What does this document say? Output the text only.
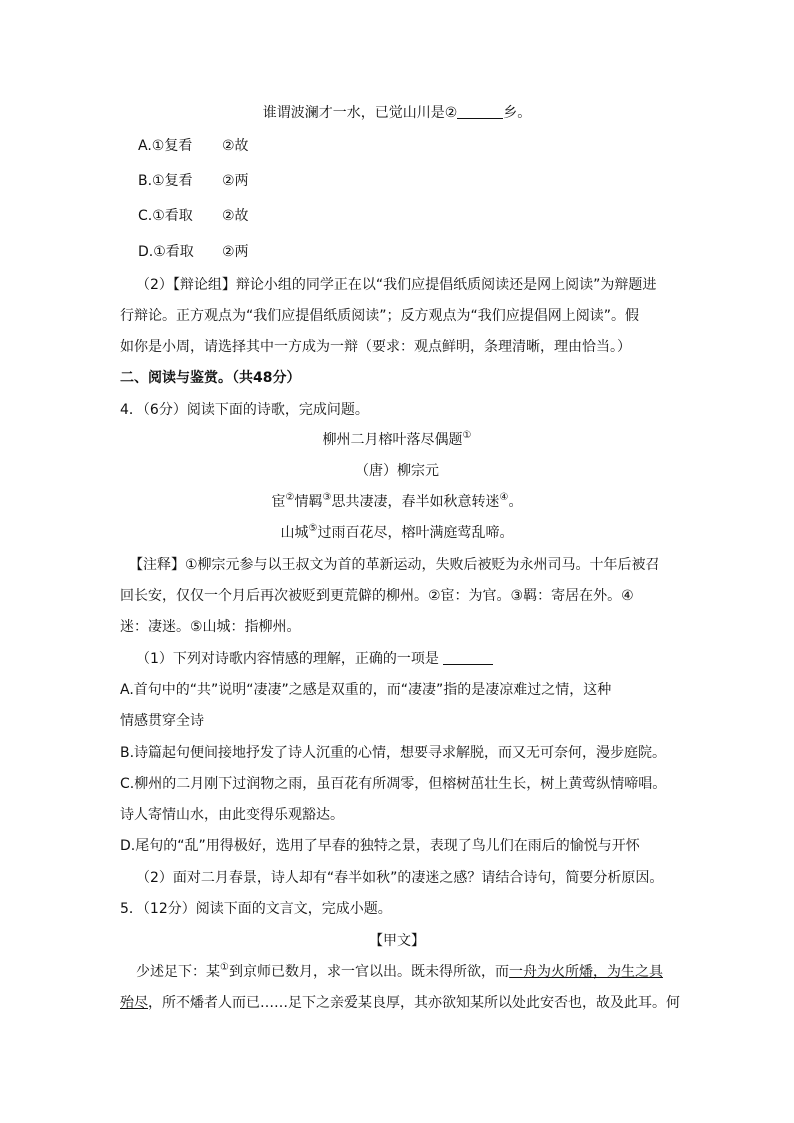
谁谓波澜才一水，已觉山川是②	乡。
A.①复看 ②故
B.①复看 ②两
C.①看取 ②故
D.①看取 ②两
（2）【辩论组】辩论小组的同学正在以“我们应提倡纸质阅读还是网上阅读”为辩题进
行辩论。正方观点为“我们应提倡纸质阅读”；反方观点为“我们应提倡网上阅读”。假
如你是小周，请选择其中一方成为一辩（要求：观点鲜明，条理清晰，理由恰当。）
二、阅读与鉴赏。（共48分）
4．（6分）阅读下面的诗歌，完成问题。
柳州二月榕叶落尽偶题①
（唐）柳宗元
宦②情羁③思共凄凄，春半如秋意转迷④。
山城⑤过雨百花尽，榕叶满庭莺乱啼。
【注释】①柳宗元参与以王叔文为首的革新运动，失败后被贬为永州司马。十年后被召
回长安，仅仅一个月后再次被贬到更荒僻的柳州。②宦：为官。③羁：寄居在外。④
迷：凄迷。⑤山城：指柳州。
（1）下列对诗歌内容情感的理解，正确的一项是
A.首句中的“共”说明“凄凄”之感是双重的，而“凄凄”指的是凄凉难过之情，这种
情感贯穿全诗
B.诗篇起句便间接地抒发了诗人沉重的心情，想要寻求解脱，而又无可奈何，漫步庭院。
C.柳州的二月刚下过润物之雨，虽百花有所凋零，但榕树茁壮生长，树上黄莺纵情啼唱。
诗人寄情山水，由此变得乐观豁达。
D.尾句的“乱”用得极好，选用了早春的独特之景，表现了鸟儿们在雨后的愉悦与开怀
（2）面对二月春景，诗人却有“春半如秋”的凄迷之感？请结合诗句，简要分析原因。
5．（12分）阅读下面的文言文，完成小题。
【甲文】
少述足下：某①到京师已数月，求一官以出。既未得所欲，而一舟为火所燔，为生之具
殆尽，所不燔者人而已……足下之亲爱某良厚，其亦欲知某所以处此安否也，故及此耳。何
